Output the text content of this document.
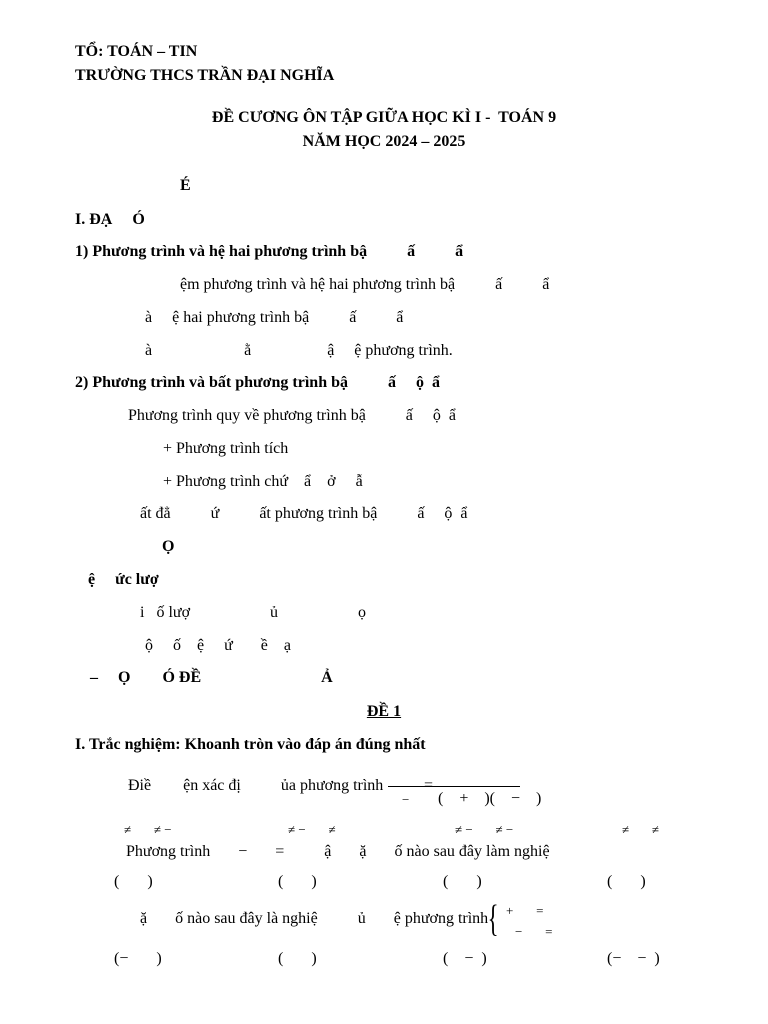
TỔ: TOÁN – TIN
TRƯỜNG THCS TRẦN ĐẠI NGHĨA
ĐỀ CƯƠNG ÔN TẬP GIỮA HỌC KÌ I -  TOÁN 9
NĂM HỌC 2024 – 2025
É
I. ĐẠ     Ó
1) Phương trình và hệ hai phương trình bậ          ấ          ẩ
ệm phương trình và hệ hai phương trình bậ          ấ          ẩ
à     ệ hai phương trình bậ          ấ          ẩ
à                       ằ                   ậ     ệ phương trình.
2) Phương trình và bất phương trình bậ          ấ     ộ  ẩ
Phương trình quy về phương trình bậ          ấ     ộ  ẩ
+ Phương trình tích
+ Phương trình chứ    ẩ    ở     ẫ
ất đẳ          ứ          ất phương trình bậ          ấ     ộ  ẩ
Ọ
ệ     ức lượ
i   ố lượ                    ủ                    ọ
ộ     ố    ệ     ứ       ề    ạ
–     Ọ        Ó ĐỀ                              Ả
ĐỀ 1
I. Trắc nghiệm: Khoanh tròn vào đáp án đúng nhất
Điề        ện xác đị          ủa phương trình
−
=
(    +    )(    −    )
≠       ≠ −	≠ −       ≠	≠ −       ≠ −	≠       ≠
Phương trình       −       =          ậ       ặ       ố nào sau đây làm nghiệ
(       )	(       )	(       )	(       )
ặ       ố nào sau đây là nghiệ          ủ       ệ phương trình { +       =
−       =
(−       )	(       )	(    −  )	(−    −  )
